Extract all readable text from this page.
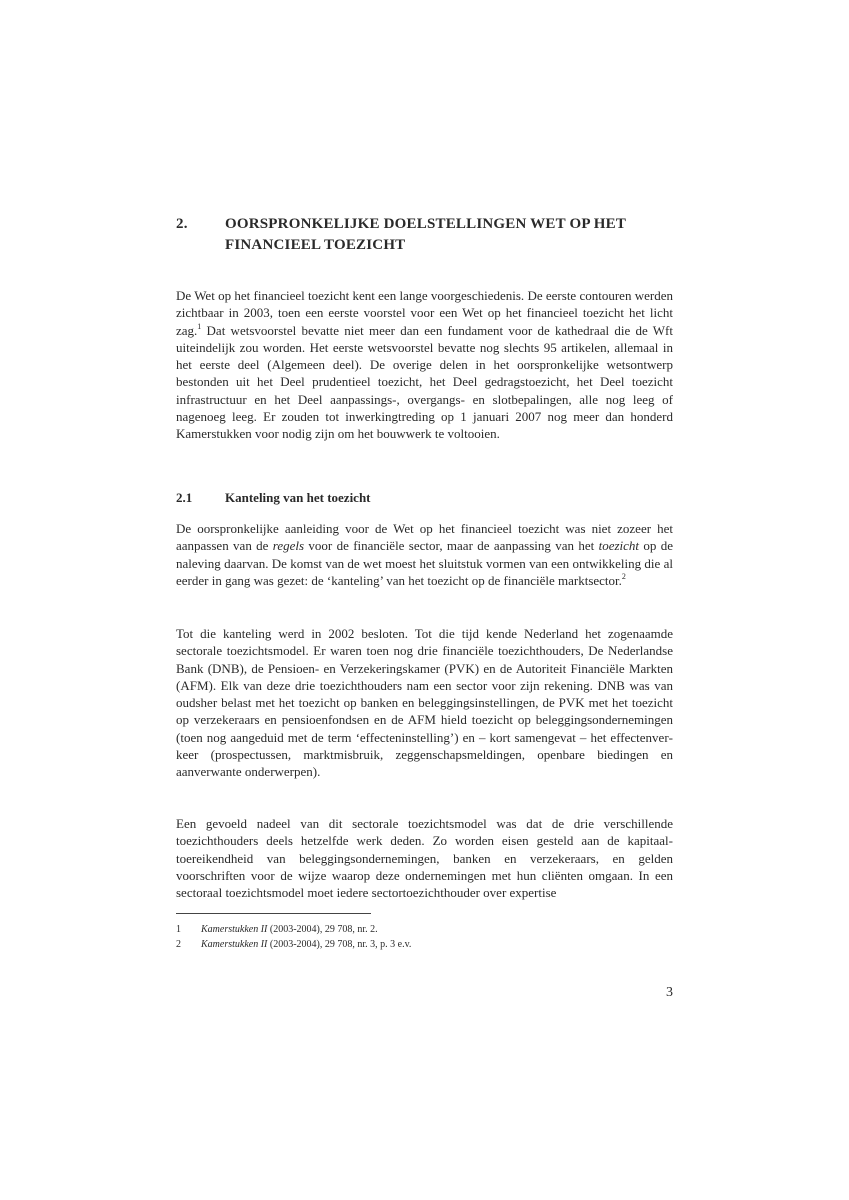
2.	OORSPRONKELIJKE DOELSTELLINGEN WET OP HET FINANCIEEL TOEZICHT

De Wet op het financieel toezicht kent een lange voorgeschiedenis. De eerste contouren werden zichtbaar in 2003, toen een eerste voorstel voor een Wet op het financieel toezicht het licht zag.$^1$ Dat wetsvoorstel bevatte niet meer dan een fundament voor de kathedraal die de Wft uiteindelijk zou worden. Het eerste wetsvoorstel bevatte nog slechts 95 artikelen, allemaal in het eerste deel (Algemeen deel). De overige delen in het oorspronkelijke wetsontwerp bestonden uit het Deel prudentieel toezicht, het Deel gedragstoezicht, het Deel toezicht infrastructuur en het Deel aanpassings-, overgangs- en slotbepalingen, alle nog leeg of nagenoeg leeg. Er zouden tot inwerkingtreding op 1 januari 2007 nog meer dan honderd Kamerstukken voor nodig zijn om het bouwwerk te voltooien.

2.1	Kanteling van het toezicht

De oorspronkelijke aanleiding voor de Wet op het financieel toezicht was niet zozeer het aanpassen van de regels voor de financiële sector, maar de aanpassing van het toezicht op de naleving daarvan. De komst van de wet moest het sluitstuk vormen van een ontwikkeling die al eerder in gang was gezet: de ‘kanteling’ van het toezicht op de financiële marktsector.$^2$

Tot die kanteling werd in 2002 besloten. Tot die tijd kende Nederland het zogenaamde sectorale toezichtsmodel. Er waren toen nog drie financiële toezichthouders, De Nederlandse Bank (DNB), de Pensioen- en Verzekeringskamer (PVK) en de Autoriteit Financiële Markten (AFM). Elk van deze drie toezichthouders nam een sector voor zijn rekening. DNB was van oudsher belast met het toezicht op banken en beleggingsinstellingen, de PVK met het toezicht op verzekeraars en pensioenfondsen en de AFM hield toezicht op beleggingsondernemingen (toen nog aangeduid met de term ‘effecteninstelling’) en – kort samengevat – het effectenverkeer (prospectussen, marktmisbruik, zeggenschapsmeldingen, openbare biedingen en aanverwante onderwerpen).

Een gevoeld nadeel van dit sectorale toezichtsmodel was dat de drie verschillende toezichthouders deels hetzelfde werk deden. Zo worden eisen gesteld aan de kapitaaltoereikendheid van beleggingsondernemingen, banken en verzekeraars, en gelden voorschriften voor de wijze waarop deze ondernemingen met hun cliënten omgaan. In een sectoraal toezichtsmodel moet iedere sectortoezichthouder over expertise

1	Kamerstukken II (2003-2004), 29 708, nr. 2.
2	Kamerstukken II (2003-2004), 29 708, nr. 3, p. 3 e.v.
3
